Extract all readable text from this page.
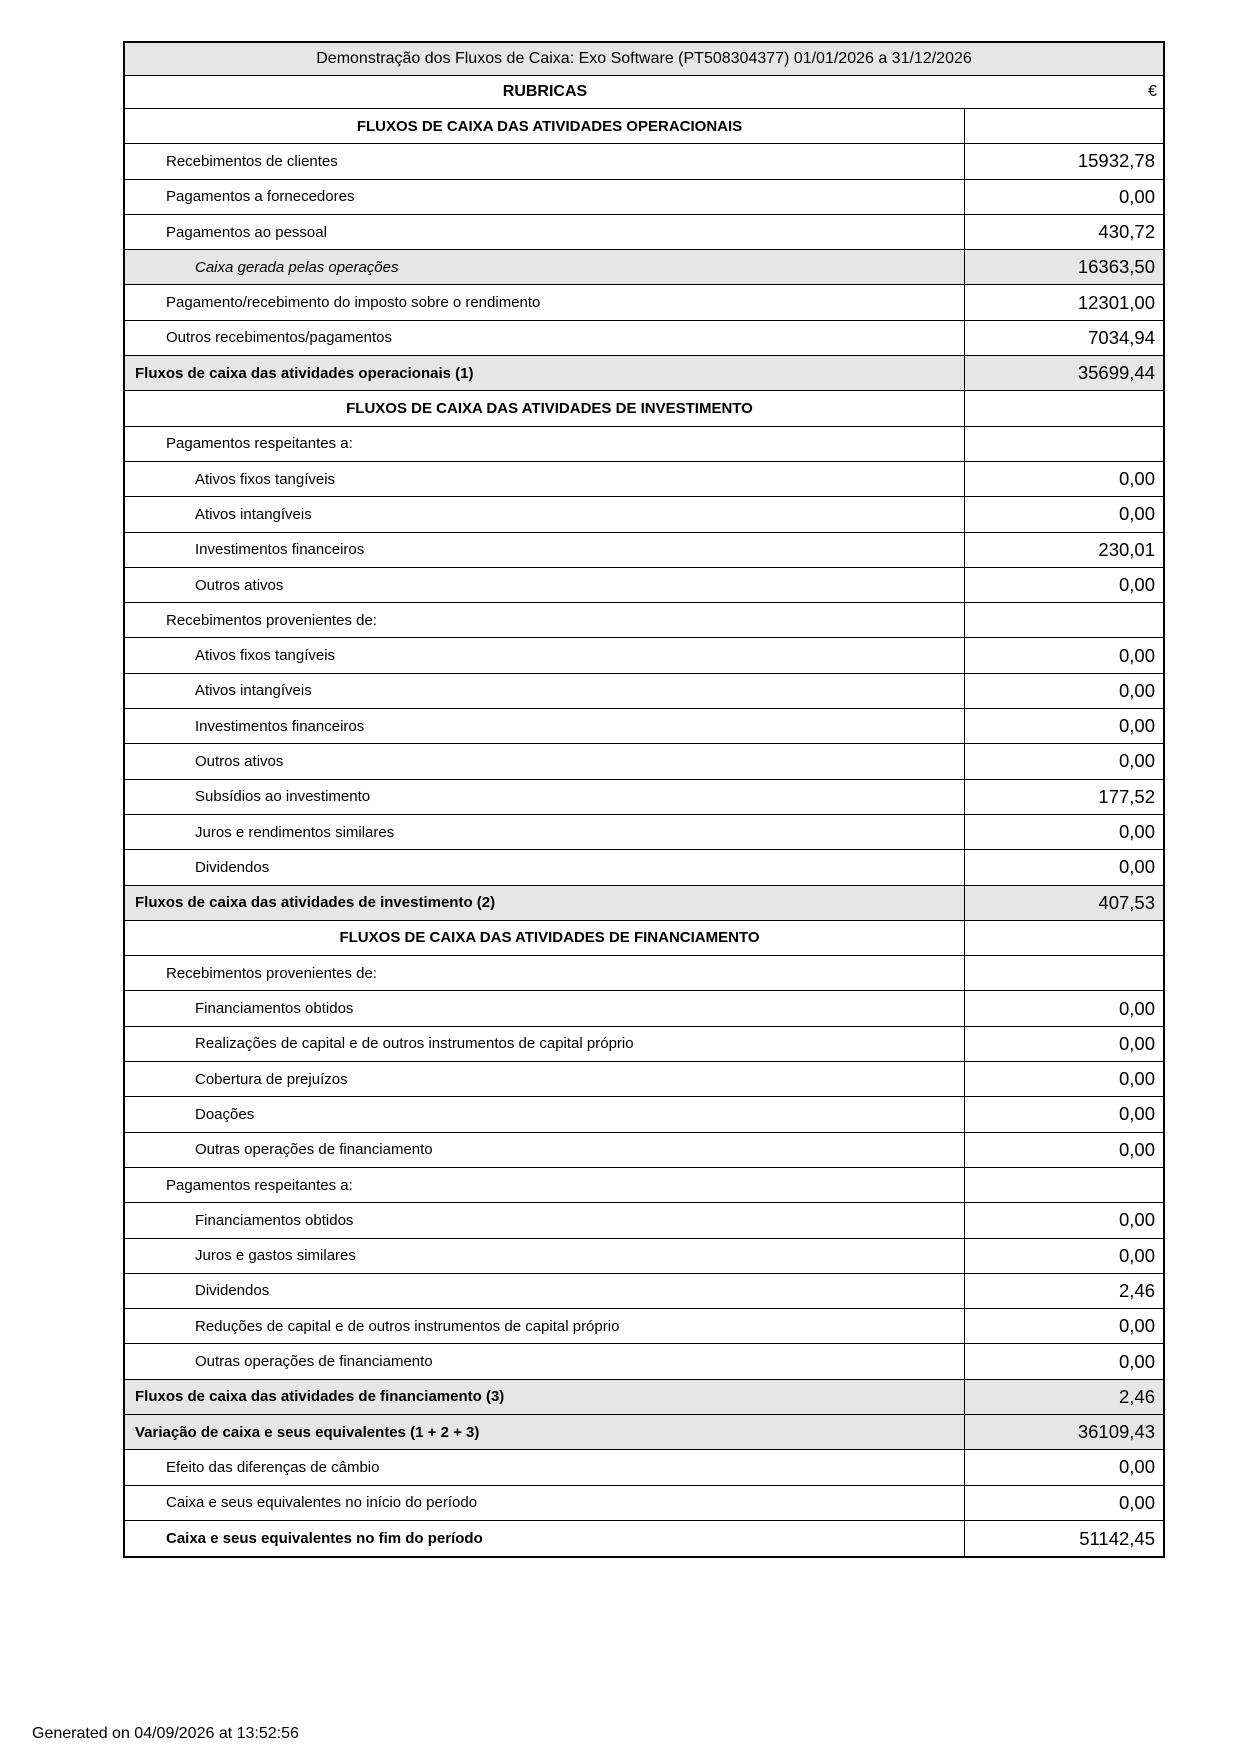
Demonstração dos Fluxos de Caixa: Exo Software (PT508304377) 01/01/2026 a 31/12/2026
RUBRICAS	€
FLUXOS DE CAIXA DAS ATIVIDADES OPERACIONAIS
Recebimentos de clientes	15932,78
Pagamentos a fornecedores	0,00
Pagamentos ao pessoal	430,72
Caixa gerada pelas operações	16363,50
Pagamento/recebimento do imposto sobre o rendimento	12301,00
Outros recebimentos/pagamentos	7034,94
Fluxos de caixa das atividades operacionais (1)	35699,44
FLUXOS DE CAIXA DAS ATIVIDADES DE INVESTIMENTO
Pagamentos respeitantes a:
Ativos fixos tangíveis	0,00
Ativos intangíveis	0,00
Investimentos financeiros	230,01
Outros ativos	0,00
Recebimentos provenientes de:
Ativos fixos tangíveis	0,00
Ativos intangíveis	0,00
Investimentos financeiros	0,00
Outros ativos	0,00
Subsídios ao investimento	177,52
Juros e rendimentos similares	0,00
Dividendos	0,00
Fluxos de caixa das atividades de investimento (2)	407,53
FLUXOS DE CAIXA DAS ATIVIDADES DE FINANCIAMENTO
Recebimentos provenientes de:
Financiamentos obtidos	0,00
Realizações de capital e de outros instrumentos de capital próprio	0,00
Cobertura de prejuízos	0,00
Doações	0,00
Outras operações de financiamento	0,00
Pagamentos respeitantes a:
Financiamentos obtidos	0,00
Juros e gastos similares	0,00
Dividendos	2,46
Reduções de capital e de outros instrumentos de capital próprio	0,00
Outras operações de financiamento	0,00
Fluxos de caixa das atividades de financiamento (3)	2,46
Variação de caixa e seus equivalentes (1 + 2 + 3)	36109,43
Efeito das diferenças de câmbio	0,00
Caixa e seus equivalentes no início do período	0,00
Caixa e seus equivalentes no fim do período	51142,45
Generated on 04/09/2026 at 13:52:56
